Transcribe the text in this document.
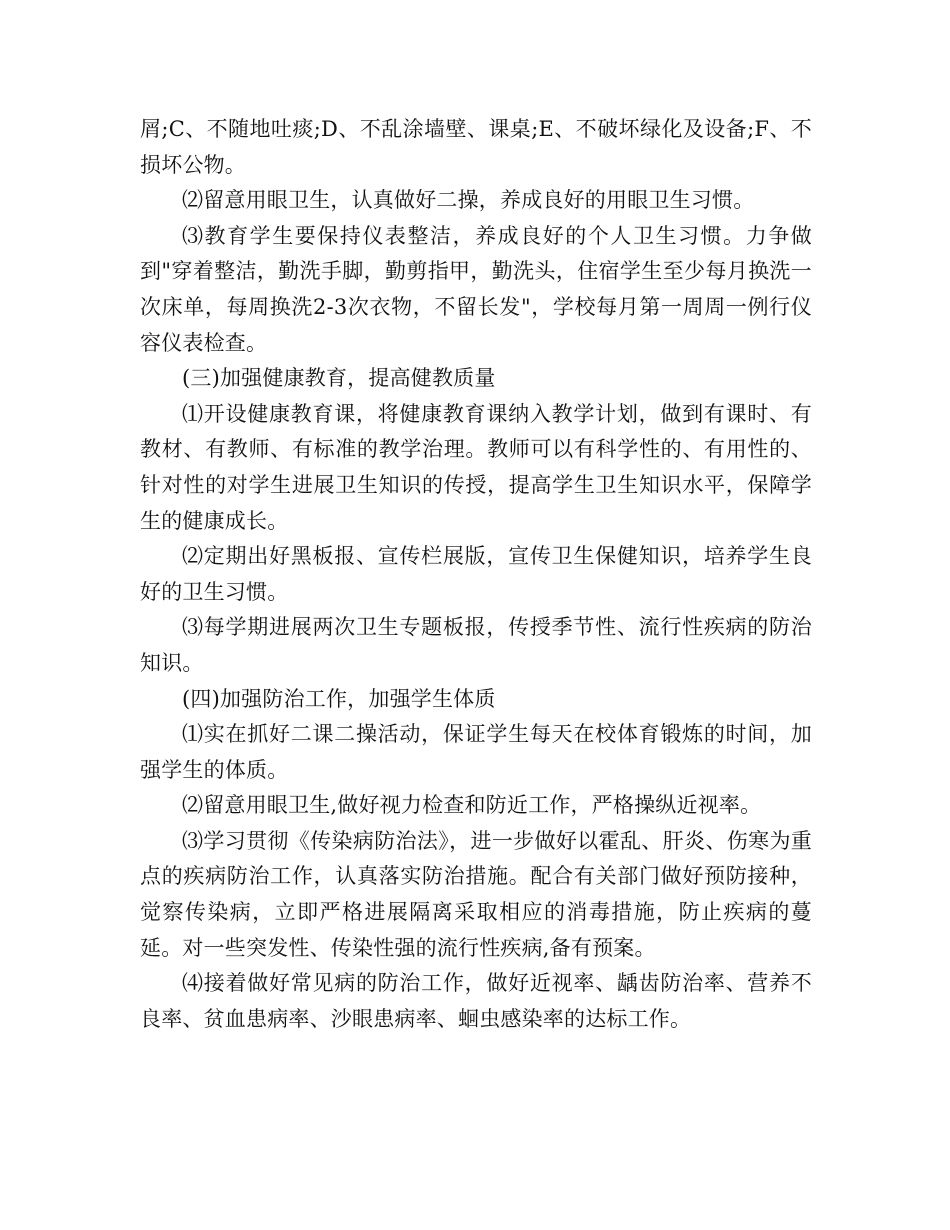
屑;C、不随地吐痰;D、不乱涂墙壁、课桌;E、不破坏绿化及设备;F、不损坏公物。

⑵留意用眼卫生，认真做好二操，养成良好的用眼卫生习惯。

⑶教育学生要保持仪表整洁，养成良好的个人卫生习惯。力争做到"穿着整洁，勤洗手脚，勤剪指甲，勤洗头，住宿学生至少每月换洗一次床单，每周换洗2-3次衣物，不留长发"，学校每月第一周周一例行仪容仪表检查。

(三)加强健康教育，提高健教质量

⑴开设健康教育课，将健康教育课纳入教学计划，做到有课时、有教材、有教师、有标准的教学治理。教师可以有科学性的、有用性的、针对性的对学生进展卫生知识的传授，提高学生卫生知识水平，保障学生的健康成长。

⑵定期出好黑板报、宣传栏展版，宣传卫生保健知识，培养学生良好的卫生习惯。

⑶每学期进展两次卫生专题板报，传授季节性、流行性疾病的防治知识。

(四)加强防治工作，加强学生体质

⑴实在抓好二课二操活动，保证学生每天在校体育锻炼的时间，加强学生的体质。

⑵留意用眼卫生,做好视力检查和防近工作，严格操纵近视率。

⑶学习贯彻《传染病防治法》，进一步做好以霍乱、肝炎、伤寒为重点的疾病防治工作，认真落实防治措施。配合有关部门做好预防接种，觉察传染病，立即严格进展隔离采取相应的消毒措施，防止疾病的蔓延。对一些突发性、传染性强的流行性疾病,备有预案。

⑷接着做好常见病的防治工作，做好近视率、龋齿防治率、营养不良率、贫血患病率、沙眼患病率、蛔虫感染率的达标工作。
